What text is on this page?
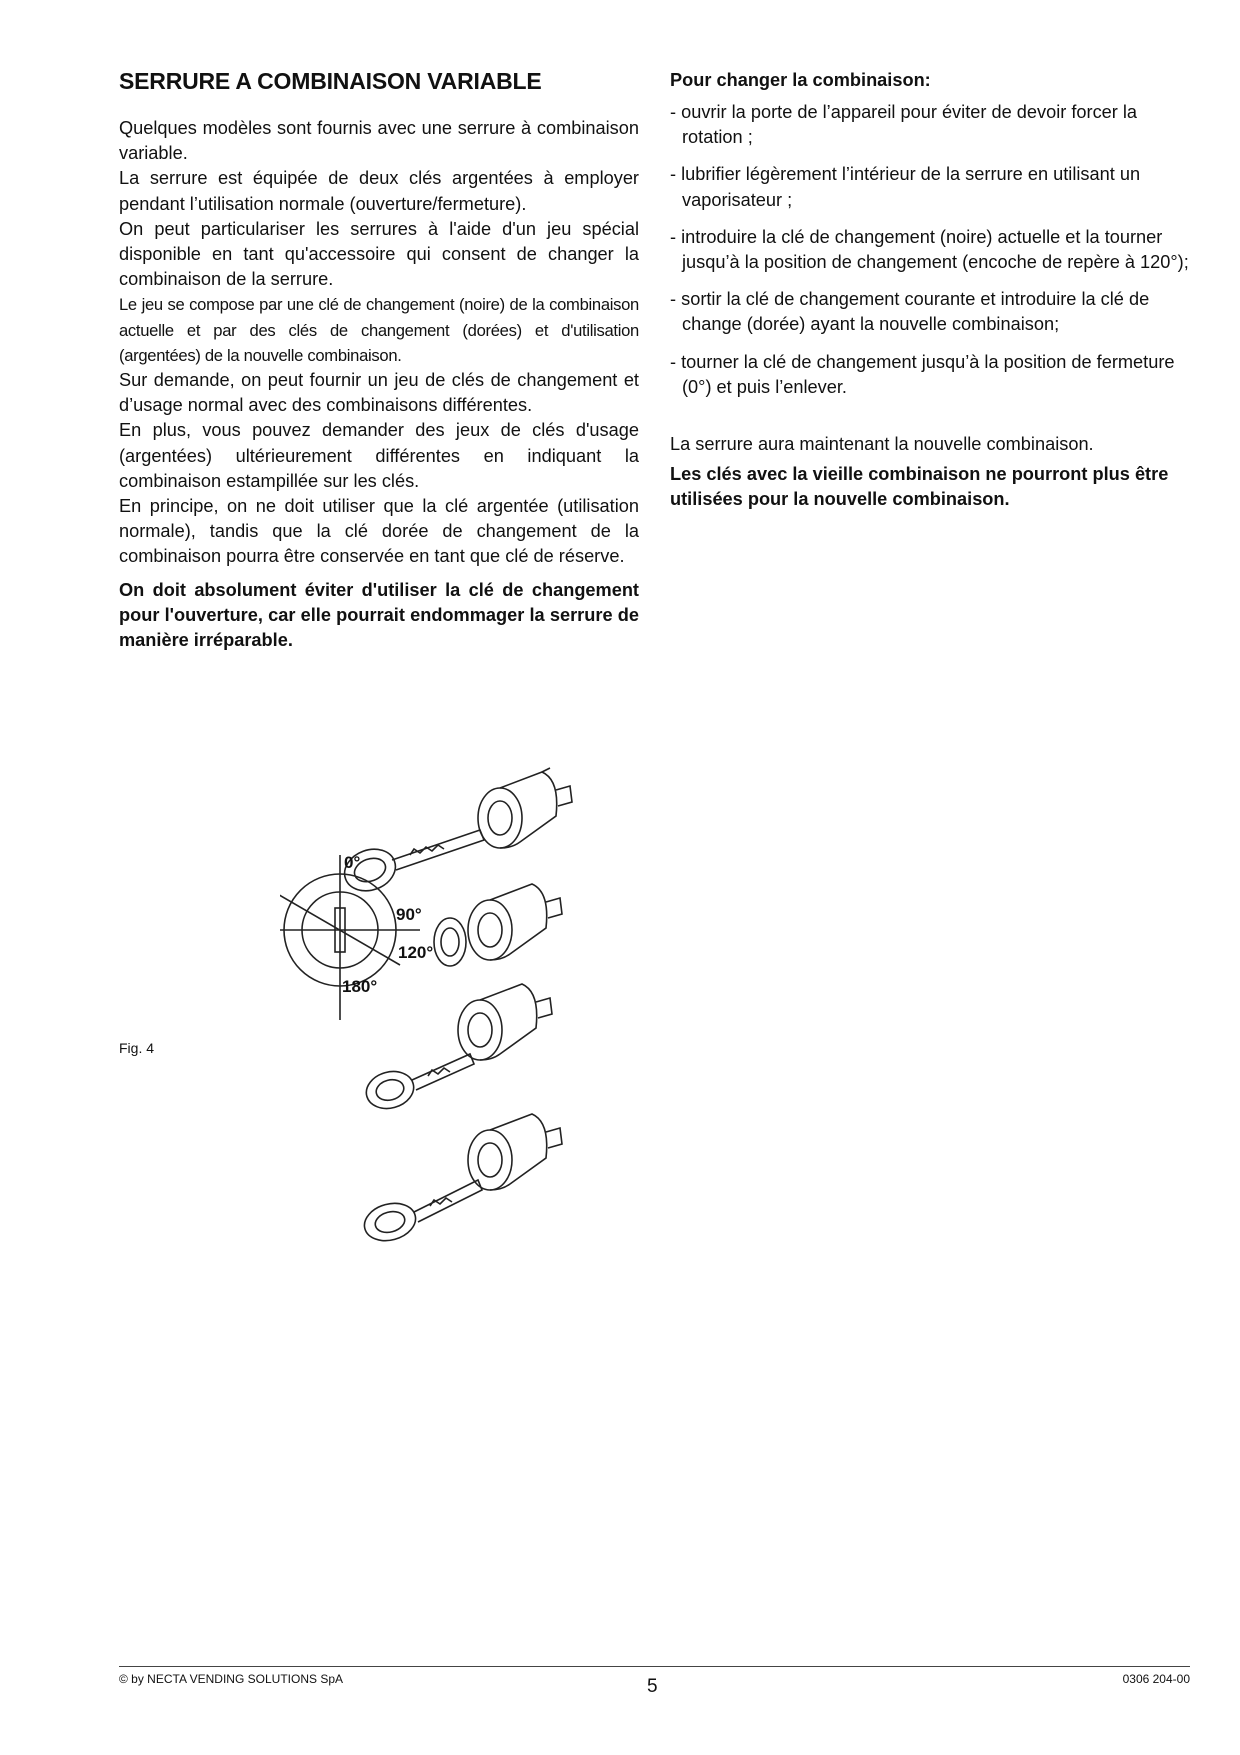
SERRURE A COMBINAISON VARIABLE

Quelques modèles sont fournis avec une serrure à combinaison variable.

La serrure est équipée de deux clés argentées à employer pendant l’utilisation normale (ouverture/fermeture).

On peut particulariser les serrures à l'aide d'un jeu spécial disponible en tant qu'accessoire qui consent de changer la combinaison de la serrure.

Le jeu se compose par une clé de changement (noire) de la combinaison actuelle et par des clés de changement (dorées) et d'utilisation (argentées) de la nouvelle combinaison.

Sur demande, on peut fournir un jeu de clés de changement et d’usage normal avec des combinaisons différentes.

En plus, vous pouvez demander des jeux de clés d'usage (argentées) ultérieurement différentes en indiquant la combinaison estampillée sur les clés.

En principe, on ne doit utiliser que la clé argentée (utilisation normale), tandis que la clé dorée de changement de la combinaison pourra être conservée en tant que clé de réserve.

On doit absolument éviter d'utiliser la clé de changement pour l'ouverture, car elle pourrait endommager la serrure de manière irréparable.

Pour changer la combinaison:
- ouvrir la porte de l’appareil pour éviter de devoir forcer la rotation ;
- lubrifier légèrement l’intérieur de la serrure en utilisant un vaporisateur ;
- introduire la clé de changement (noire) actuelle et la tourner jusqu’à la position de changement (encoche de repère à 120°);
- sortir la clé de changement courante et introduire la clé de change (dorée) ayant la nouvelle combinaison;
- tourner la clé de changement jusqu’à la position de fermeture (0°) et puis l’enlever.

La serrure aura maintenant la nouvelle combinaison.

Les clés avec la vieille combinaison ne pourront plus être utilisées pour la nouvelle combinaison.

Fig. 4
0°
90°
120°
180°
© by NECTA VENDING SOLUTIONS SpA	5	0306 204-00
